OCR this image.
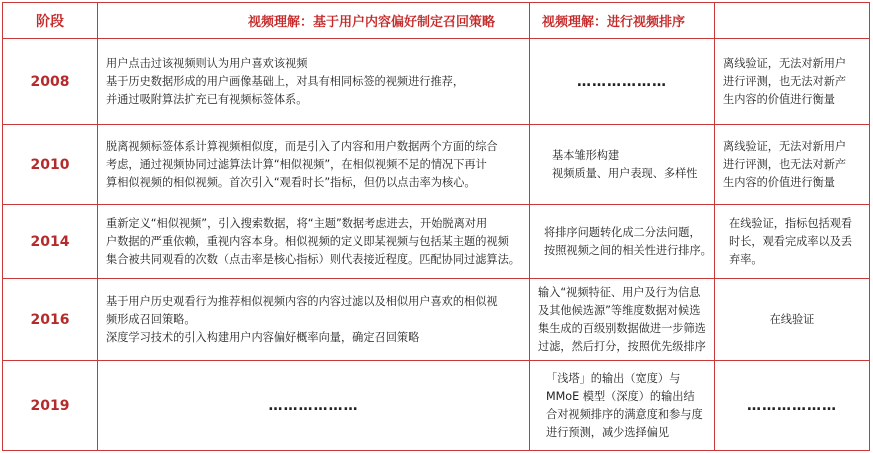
阶段	视频理解：基于用户内容偏好制定召回策略	视频理解：进行视频排序	
2008	用户点击过该视频则认为用户喜欢该视频
基于历史数据形成的用户画像基础上，对具有相同标签的视频进行推荐，
并通过吸附算法扩充已有视频标签体系。	………………	离线验证，无法对新用户
进行评测，也无法对新产
生内容的价值进行衡量

2010	脱离视频标签体系计算视频相似度，而是引入了内容和用户数据两个方面的综合
考虑，通过视频协同过滤算法计算“相似视频”，在相似视频不足的情况下再计
算相似视频的相似视频。首次引入“观看时长”指标，但仍以点击率为核心。	基本雏形构建
视频质量、用户表现、多样性	离线验证，无法对新用户
进行评测，也无法对新产
生内容的价值进行衡量

2014	重新定义“相似视频”，引入搜索数据，将“主题”数据考虑进去，开始脱离对用
户数据的严重依赖，重视内容本身。相似视频的定义即某视频与包括某主题的视频
集合被共同观看的次数（点击率是核心指标）则代表接近程度。匹配协同过滤算法。	将排序问题转化成二分法问题，
按照视频之间的相关性进行排序。	在线验证，指标包括观看
时长，观看完成率以及丢
弃率。

2016	基于用户历史观看行为推荐相似视频内容的内容过滤以及相似用户喜欢的相似视
频形成召回策略。
深度学习技术的引入构建用户内容偏好概率向量，确定召回策略	输入“视频特征、用户及行为信息
及其他候选源”等维度数据对候选
集生成的百级别数据做进一步筛选
过滤，然后打分，按照优先级排序	在线验证

2019	………………	「浅塔」的输出（宽度）与
MMoE 模型（深度）的输出结
合对视频排序的满意度和参与度
进行预测，减少选择偏见	………………
